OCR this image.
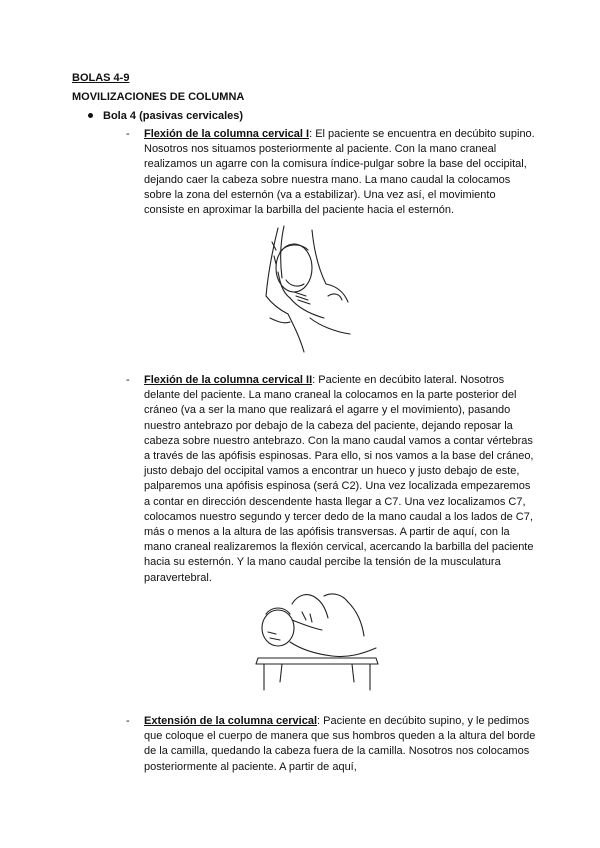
BOLAS 4-9
MOVILIZACIONES DE COLUMNA
Bola 4 (pasivas cervicales)
- Flexión de la columna cervical I: El paciente se encuentra en decúbito supino. Nosotros nos situamos posteriormente al paciente. Con la mano craneal realizamos un agarre con la comisura índice-pulgar sobre la base del occipital, dejando caer la cabeza sobre nuestra mano. La mano caudal la colocamos sobre la zona del esternón (va a estabilizar). Una vez así, el movimiento consiste en aproximar la barbilla del paciente hacia el esternón.
- Flexión de la columna cervical II: Paciente en decúbito lateral. Nosotros delante del paciente. La mano craneal la colocamos en la parte posterior del cráneo (va a ser la mano que realizará el agarre y el movimiento), pasando nuestro antebrazo por debajo de la cabeza del paciente, dejando reposar la cabeza sobre nuestro antebrazo. Con la mano caudal vamos a contar vértebras a través de las apófisis espinosas. Para ello, si nos vamos a la base del cráneo, justo debajo del occipital vamos a encontrar un hueco y justo debajo de este, palparemos una apófisis espinosa (será C2). Una vez localizada empezaremos a contar en dirección descendente hasta llegar a C7. Una vez localizamos C7, colocamos nuestro segundo y tercer dedo de la mano caudal a los lados de C7, más o menos a la altura de las apófisis transversas. A partir de aquí, con la mano craneal realizaremos la flexión cervical, acercando la barbilla del paciente hacia su esternón. Y la mano caudal percibe la tensión de la musculatura paravertebral.
- Extensión de la columna cervical: Paciente en decúbito supino, y le pedimos que coloque el cuerpo de manera que sus hombros queden a la altura del borde de la camilla, quedando la cabeza fuera de la camilla. Nosotros nos colocamos posteriormente al paciente. A partir de aquí,
